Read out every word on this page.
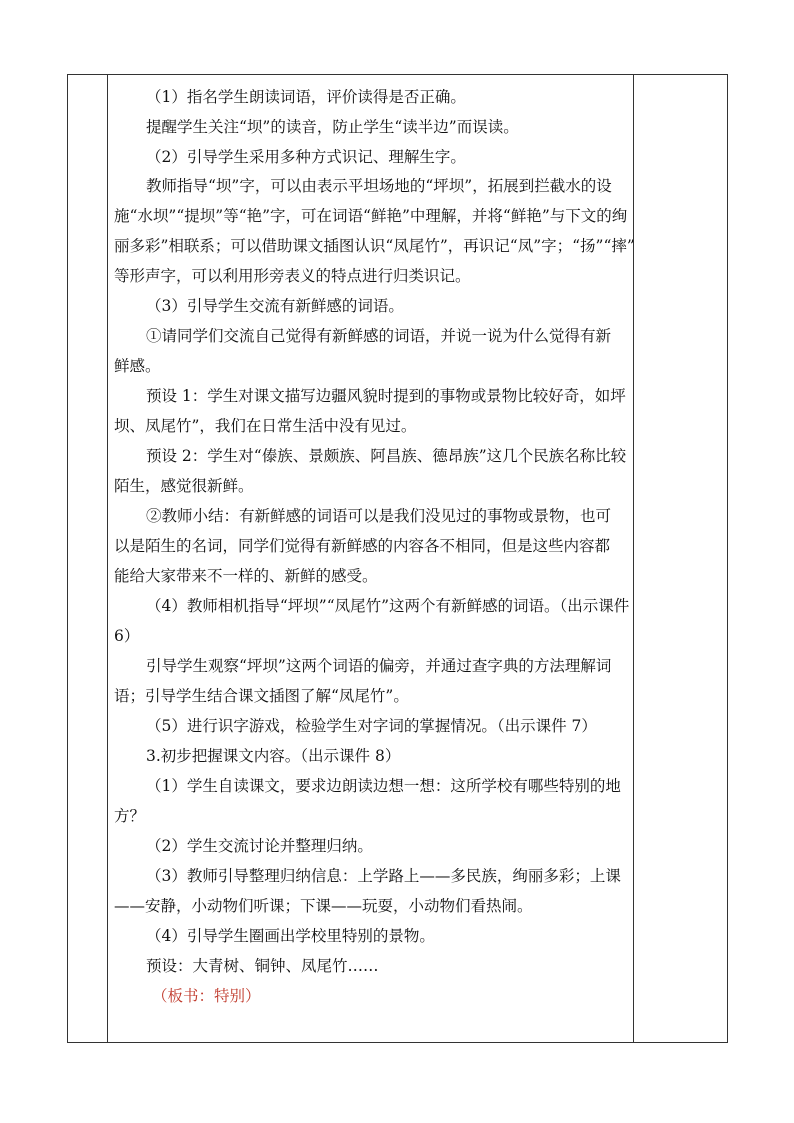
（1）指名学生朗读词语，评价读得是否正确。
提醒学生关注“坝”的读音，防止学生“读半边”而误读。
（2）引导学生采用多种方式识记、理解生字。
教师指导“坝”字，可以由表示平坦场地的“坪坝”，拓展到拦截水的设
施“水坝”“提坝”等“艳”字，可在词语“鲜艳”中理解，并将“鲜艳”与下文的绚
丽多彩”相联系；可以借助课文插图认识“凤尾竹”，再识记“凤”字；“扬”“摔”
等形声字，可以利用形旁表义的特点进行归类识记。
（3）引导学生交流有新鲜感的词语。
①请同学们交流自己觉得有新鲜感的词语，并说一说为什么觉得有新
鲜感。
预设 1：学生对课文描写边疆风貌时提到的事物或景物比较好奇，如坪
坝、凤尾竹”，我们在日常生活中没有见过。
预设 2：学生对“傣族、景颇族、阿昌族、德昂族”这几个民族名称比较
陌生，感觉很新鲜。
②教师小结：有新鲜感的词语可以是我们没见过的事物或景物，也可
以是陌生的名词，同学们觉得有新鲜感的内容各不相同，但是这些内容都
能给大家带来不一样的、新鲜的感受。
（4）教师相机指导“坪坝”“凤尾竹”这两个有新鲜感的词语。（出示课件
6）
引导学生观察“坪坝”这两个词语的偏旁，并通过查字典的方法理解词
语；引导学生结合课文插图了解“凤尾竹”。
（5）进行识字游戏，检验学生对字词的掌握情况。（出示课件 7）
3.初步把握课文内容。（出示课件 8）
（1）学生自读课文，要求边朗读边想一想：这所学校有哪些特别的地
方？
（2）学生交流讨论并整理归纳。
（3）教师引导整理归纳信息：上学路上——多民族，绚丽多彩；上课
——安静，小动物们听课；下课——玩耍，小动物们看热闹。
（4）引导学生圈画出学校里特别的景物。
预设：大青树、铜钟、凤尾竹……
（板书：特别）
